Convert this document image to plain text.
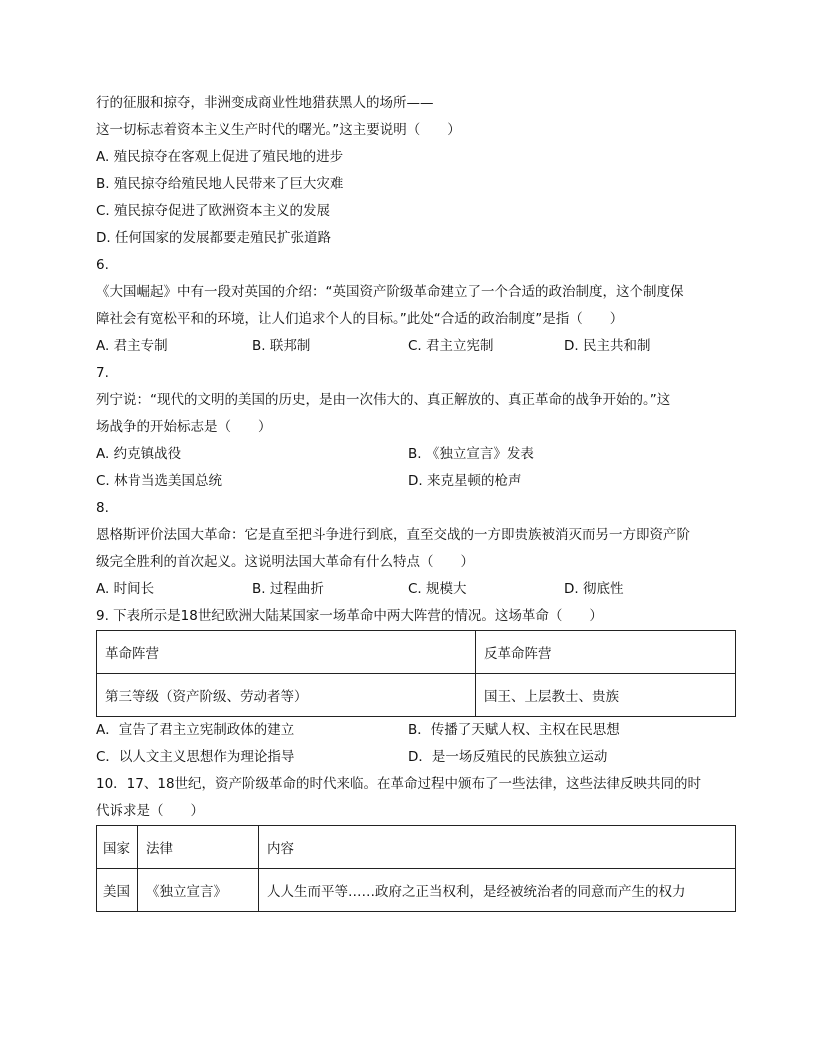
行的征服和掠夺，非洲变成商业性地猎获黑人的场所——
这一切标志着资本主义生产时代的曙光。”这主要说明（　　）
A. 殖民掠夺在客观上促进了殖民地的进步
B. 殖民掠夺给殖民地人民带来了巨大灾难
C. 殖民掠夺促进了欧洲资本主义的发展
D. 任何国家的发展都要走殖民扩张道路
6.
《大国崛起》中有一段对英国的介绍：“英国资产阶级革命建立了一个合适的政治制度，这个制度保
障社会有宽松平和的环境，让人们追求个人的目标。”此处“合适的政治制度”是指（　　）
A. 君主专制	B. 联邦制	C. 君主立宪制	D. 民主共和制
7.
列宁说：“现代的文明的美国的历史，是由一次伟大的、真正解放的、真正革命的战争开始的。”这
场战争的开始标志是（　　）
A. 约克镇战役	B. 《独立宣言》发表
C. 林肯当选美国总统	D. 来克星顿的枪声
8.
恩格斯评价法国大革命：它是直至把斗争进行到底，直至交战的一方即贵族被消灭而另一方即资产阶
级完全胜利的首次起义。这说明法国大革命有什么特点（　　）
A. 时间长	B. 过程曲折	C. 规模大	D. 彻底性
9. 下表所示是18世纪欧洲大陆某国家一场革命中两大阵营的情况。这场革命（　　）
革命阵营	反革命阵营
第三等级（资产阶级、劳动者等）	国王、上层教士、贵族
A．宣告了君主立宪制政体的建立	B．传播了天赋人权、主权在民思想
C．以人文主义思想作为理论指导	D．是一场反殖民的民族独立运动
10．17、18世纪，资产阶级革命的时代来临。在革命过程中颁布了一些法律，这些法律反映共同的时
代诉求是（　　）
国家	法律	内容
美国	《独立宣言》	人人生而平等……政府之正当权利，是经被统治者的同意而产生的权力
